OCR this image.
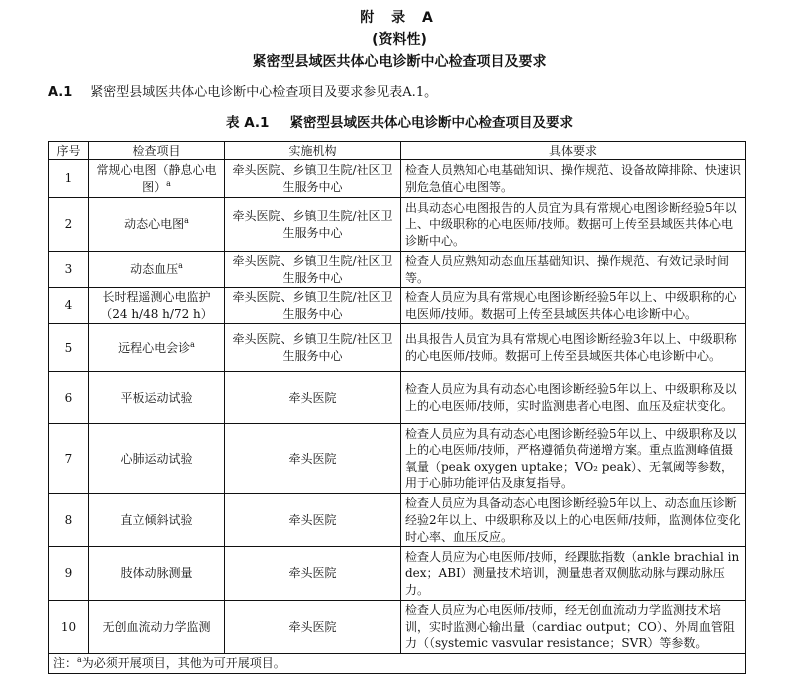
附 录 A
(资料性)
紧密型县域医共体心电诊断中心检查项目及要求
A.1 紧密型县域医共体心电诊断中心检查项目及要求参见表A.1。
表 A.1 紧密型县域医共体心电诊断中心检查项目及要求
序号	检查项目	实施机构	具体要求
1	常规心电图（静息心电图）$^a$	牵头医院、乡镇卫生院/社区卫生服务中心	检查人员熟知心电基础知识、操作规范、设备故障排除、快速识别危急值心电图等。
2	动态心电图$^a$	牵头医院、乡镇卫生院/社区卫生服务中心	出具动态心电图报告的人员宜为具有常规心电图诊断经验5年以上、中级职称的心电医师/技师。数据可上传至县域医共体心电诊断中心。
3	动态血压$^a$	牵头医院、乡镇卫生院/社区卫生服务中心	检查人员应熟知动态血压基础知识、操作规范、有效记录时间等。
4	长时程遥测心电监护（24 h/48 h/72 h）	牵头医院、乡镇卫生院/社区卫生服务中心	检查人员应为具有常规心电图诊断经验5年以上、中级职称的心电医师/技师。数据可上传至县域医共体心电诊断中心。
5	远程心电会诊$^a$	牵头医院、乡镇卫生院/社区卫生服务中心	出具报告人员宜为具有常规心电图诊断经验3年以上、中级职称的心电医师/技师。数据可上传至县域医共体心电诊断中心。
6	平板运动试验	牵头医院	检查人员应为具有动态心电图诊断经验5年以上、中级职称及以上的心电医师/技师，实时监测患者心电图、血压及症状变化。
7	心肺运动试验	牵头医院	检查人员应为具有动态心电图诊断经验5年以上、中级职称及以上的心电医师/技师，严格遵循负荷递增方案。重点监测峰值摄氧量（peak oxygen uptake；VO₂ peak）、无氧阈等参数，用于心肺功能评估及康复指导。
8	直立倾斜试验	牵头医院	检查人员应为具备动态心电图诊断经验5年以上、动态血压诊断经验2年以上、中级职称及以上的心电医师/技师，监测体位变化时心率、血压反应。
9	肢体动脉测量	牵头医院	检查人员应为心电医师/技师，经踝肱指数（ankle brachial index；ABI）测量技术培训，测量患者双侧肱动脉与踝动脉压力。
10	无创血流动力学监测	牵头医院	检查人员应为心电医师/技师，经无创血流动力学监测技术培训，实时监测心输出量（cardiac output；CO）、外周血管阻力（（systemic vasvular resistance；SVR）等参数。
注：$^a$为必须开展项目，其他为可开展项目。			
